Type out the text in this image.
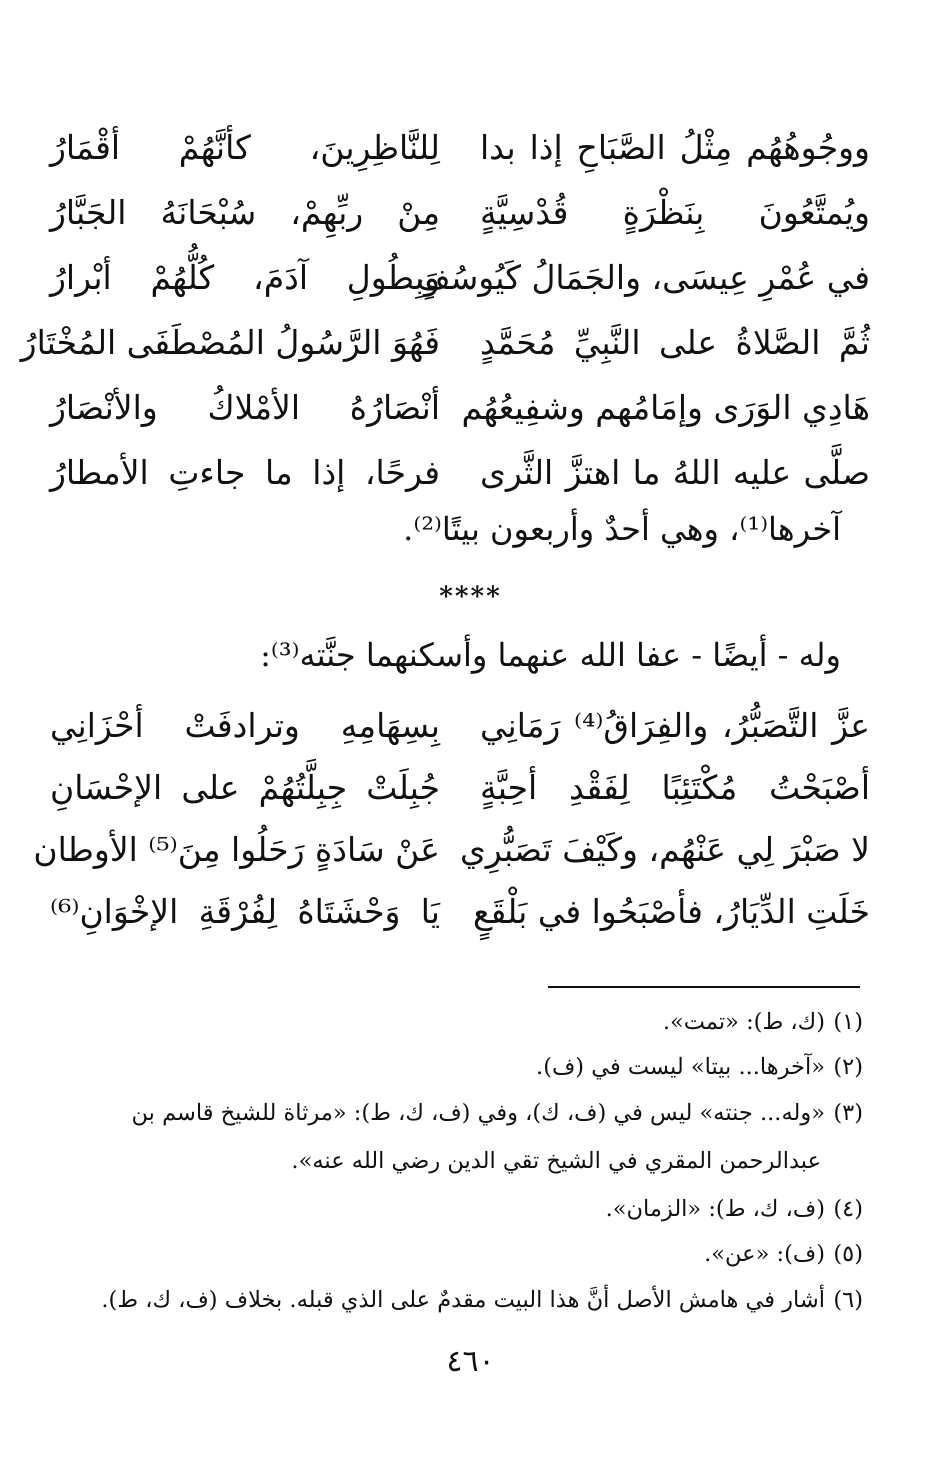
ووجُوهُهُم مِثْلُ الصَّبَاحِ إذا بدا
لِلنَّاظِرِينَ، كأنَّهُمْ أقْمَارُ
ويُمتَّعُونَ بِنَظْرَةٍ قُدْسِيَّةٍ
مِنْ ربِّهِمْ، سُبْحَانَهُ الجَبَّارُ
في عُمْرِ عِيسَى، والجَمَالُ كَيُوسُفٍ
وَبِطُولِ آدَمَ، كُلُّهُمْ أبْرارُ
ثُمَّ الصَّلاةُ على النَّبِيِّ مُحَمَّدٍ
فَهُوَ الرَّسُولُ المُصْطَفَى المُخْتَارُ
هَادِي الوَرَى وإمَامُهم وشفِيعُهُم
أنْصَارُهُ الأمْلاكُ والأنْصَارُ
صلَّى عليه اللهُ ما اهتزَّ الثَّرى
فرحًا، إذا ما جاءتِ الأمطارُ
آخرها⁽¹⁾، وهي أحدٌ وأربعون بيتًا⁽²⁾.
****
وله - أيضًا - عفا الله عنهما وأسكنهما جنَّته⁽³⁾:
عزَّ التَّصَبُّرُ، والفِرَاقُ⁽⁴⁾ رَمَانِي
بِسِهَامِهِ وترادفَتْ أحْزَانِي
أصْبَحْتُ مُكْتَئِبًا لِفَقْدِ أحِبَّةٍ
جُبِلَتْ جِبِلَّتُهُمْ على الإحْسَانِ
لا صَبْرَ لِي عَنْهُم، وكَيْفَ تَصَبُّرِي
عَنْ سَادَةٍ رَحَلُوا مِنَ⁽⁵⁾ الأوطان
خَلَتِ الدِّيَارُ، فأصْبَحُوا في بَلْقَعٍ
يَا وَحْشَتَاهُ لِفُرْقَةِ الإخْوَانِ⁽⁶⁾
(١)
(ك، ط): «تمت».
(٢)
«آخرها... بيتا» ليست في (ف).
(٣)
«وله... جنته» ليس في (ف، ك)، وفي (ف، ك، ط): «مرثاة للشيخ قاسم بن
عبدالرحمن المقري في الشيخ تقي الدين رضي الله عنه».
(٤)
(ف، ك، ط): «الزمان».
(٥)
(ف): «عن».
(٦)
أشار في هامش الأصل أنَّ هذا البيت مقدمٌ على الذي قبله. بخلاف (ف، ك، ط).
٤٦٠
